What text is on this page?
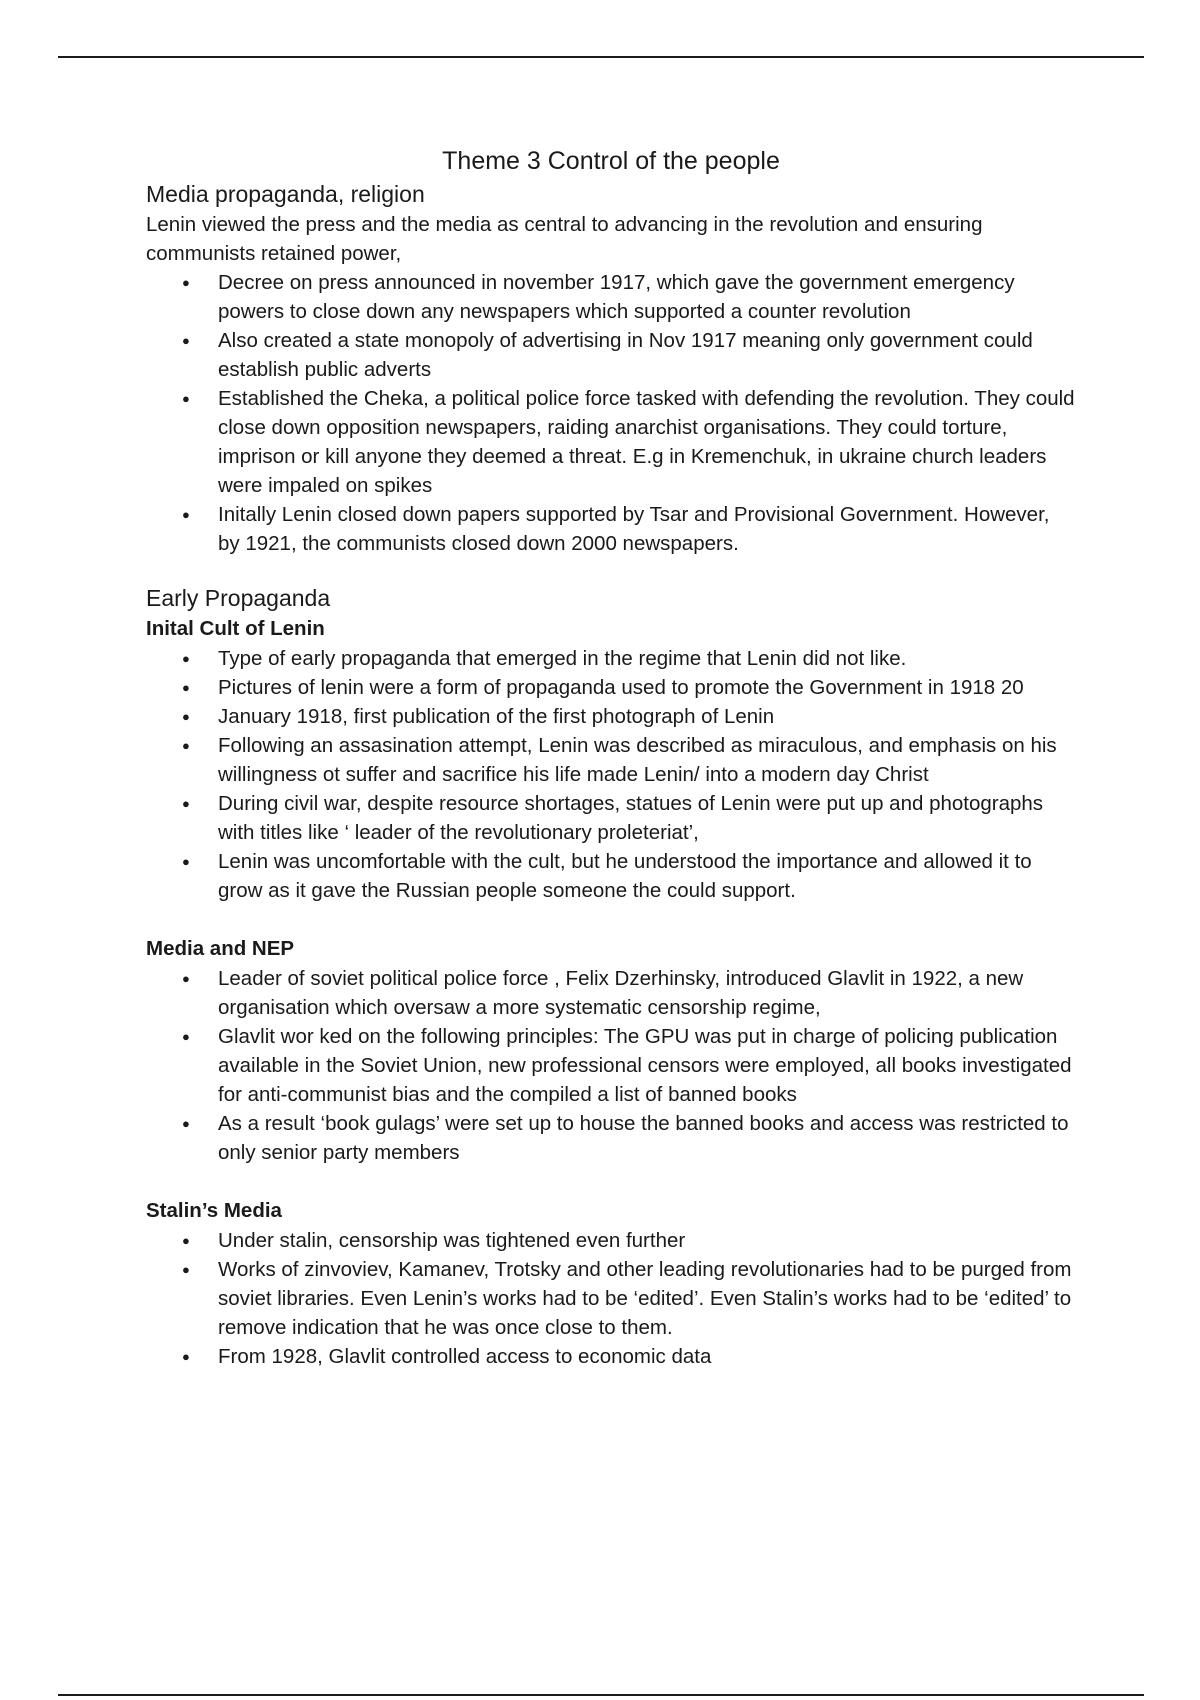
Theme 3 Control of the people
Media propaganda, religion

Lenin viewed the press and the media as central to advancing in the revolution and ensuring communists retained power,

● Decree on press announced in november 1917, which gave the government emergency powers to close down any newspapers which supported a counter revolution
● Also created a state monopoly of advertising in Nov 1917 meaning only government could establish public adverts
● Established the Cheka, a political police force tasked with defending the revolution. They could close down opposition newspapers, raiding anarchist organisations. They could torture, imprison or kill anyone they deemed a threat. E.g in Kremenchuk, in ukraine church leaders were impaled on spikes
● Initally Lenin closed down papers supported by Tsar and Provisional Government. However, by 1921, the communists closed down 2000 newspapers.
Early Propaganda
Inital Cult of Lenin
● Type of early propaganda that emerged in the regime that Lenin did not like.
● Pictures of lenin were a form of propaganda used to promote the Government in 1918 20
● January 1918, first publication of the first photograph of Lenin
● Following an assasination attempt, Lenin was described as miraculous, and emphasis on his willingness ot suffer and sacrifice his life made Lenin/ into a modern day Christ
● During civil war, despite resource shortages, statues of Lenin were put up and photographs with titles like ‘ leader of the revolutionary proleteriat’,
● Lenin was uncomfortable with the cult, but he understood the importance and allowed it to grow as it gave the Russian people someone the could support.
Media and NEP
● Leader of soviet political police force , Felix Dzerhinsky, introduced Glavlit in 1922, a new organisation which oversaw a more systematic censorship regime,
● Glavlit wor ked on the following principles: The GPU was put in charge of policing publication available in the Soviet Union, new professional censors were employed, all books investigated for anti-communist bias and the compiled a list of banned books
● As a result ‘book gulags’ were set up to house the banned books and access was restricted to only senior party members
Stalin’s Media
● Under stalin, censorship was tightened even further
● Works of zinvoviev, Kamanev, Trotsky and other leading revolutionaries had to be purged from soviet libraries. Even Lenin’s works had to be ‘edited’. Even Stalin’s works had to be ‘edited’ to remove indication that he was once close to them.
● From 1928, Glavlit controlled access to economic data
